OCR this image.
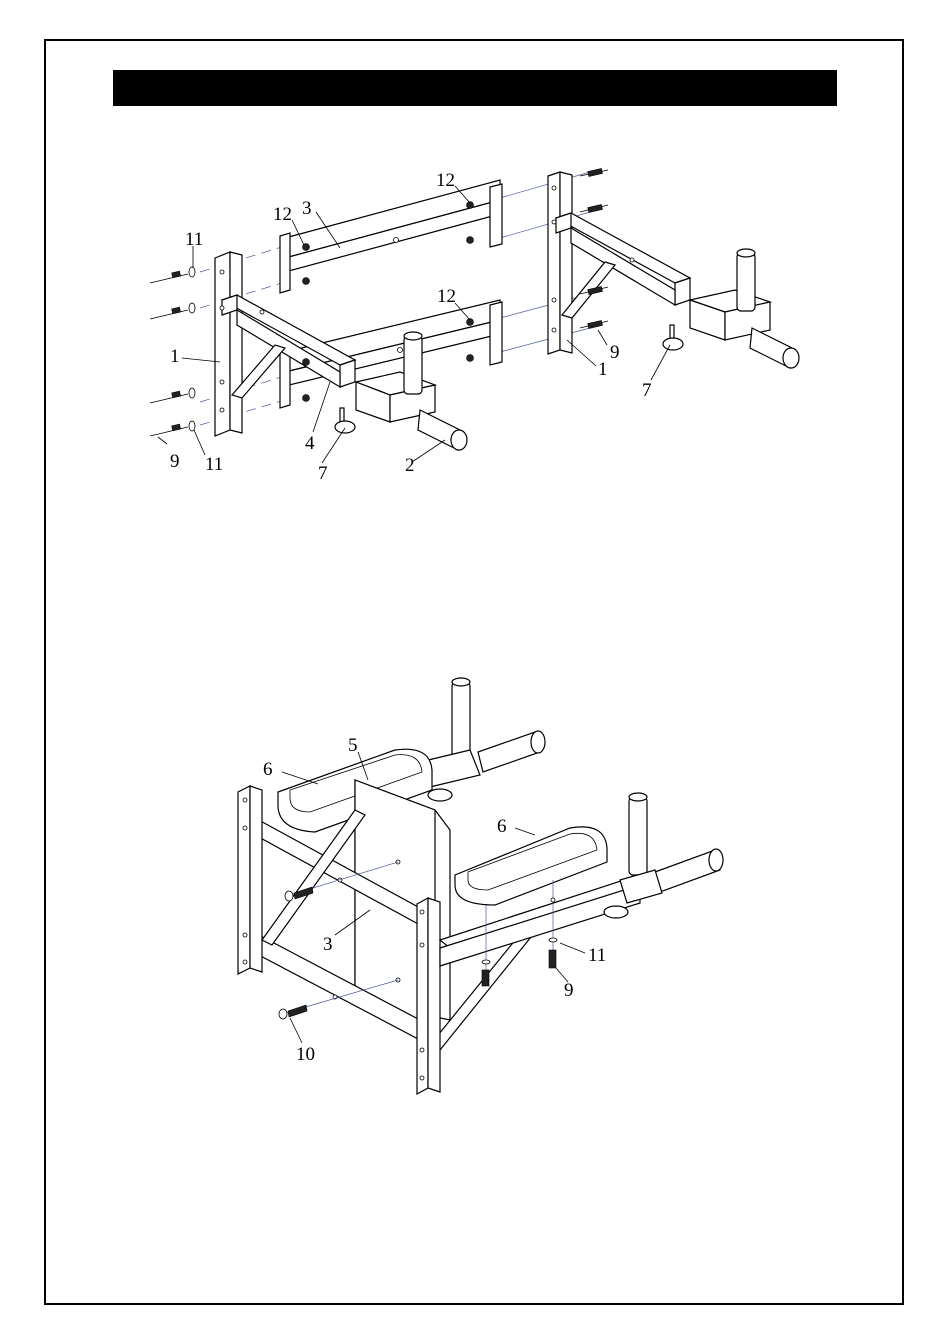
12
12 3
11
12
1
4
9 11	7	2
9
1
7
5
6
6
3
11
9
10
